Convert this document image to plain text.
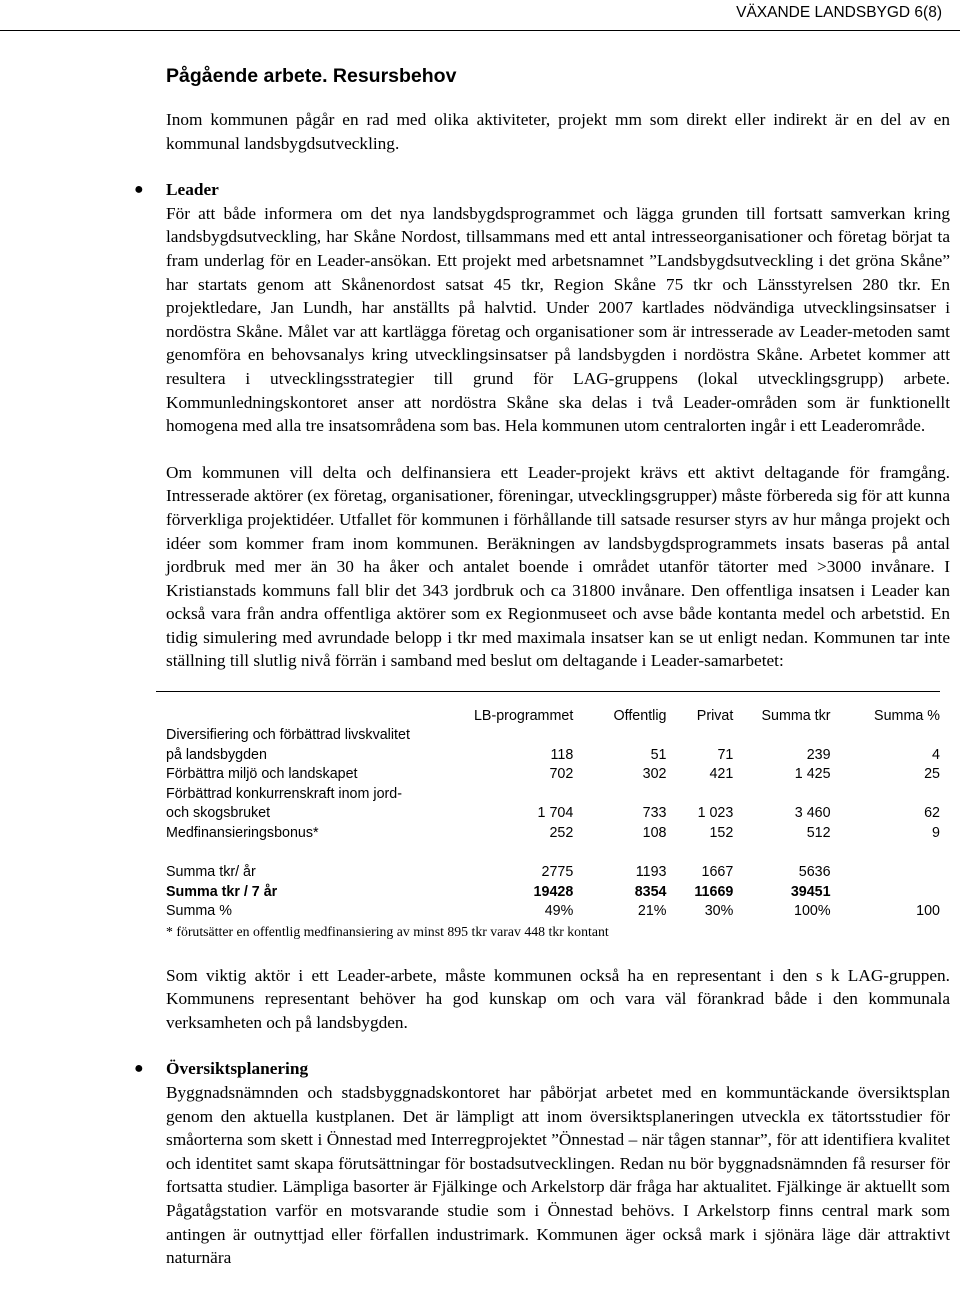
VÄXANDE LANDSBYGD 6(8)
Pågående arbete. Resursbehov

Inom kommunen pågår en rad med olika aktiviteter, projekt mm som direkt eller indirekt är en del av en kommunal landsbygdsutveckling.

● Leader

För att både informera om det nya landsbygdsprogrammet och lägga grunden till fortsatt samverkan kring landsbygdsutveckling, har Skåne Nordost, tillsammans med ett antal intresseorganisationer och företag börjat ta fram underlag för en Leader-ansökan. Ett projekt med arbetsnamnet ”Landsbygdsutveckling i det gröna Skåne” har startats genom att Skånenordost satsat 45 tkr, Region Skåne 75 tkr och Länsstyrelsen 280 tkr. En projektledare, Jan Lundh, har anställts på halvtid. Under 2007 kartlades nödvändiga utvecklingsinsatser i nordöstra Skåne. Målet var att kartlägga företag och organisationer som är intresserade av Leader-metoden samt genomföra en behovsanalys kring utvecklingsinsatser på landsbygden i nordöstra Skåne. Arbetet kommer att resultera i utvecklingsstrategier till grund för LAG-gruppens (lokal utvecklingsgrupp) arbete. Kommunledningskontoret anser att nordöstra Skåne ska delas i två Leader-områden som är funktionellt homogena med alla tre insatsområdena som bas. Hela kommunen utom centralorten ingår i ett Leaderområde.

Om kommunen vill delta och delfinansiera ett Leader-projekt krävs ett aktivt deltagande för framgång. Intresserade aktörer (ex företag, organisationer, föreningar, utvecklingsgrupper) måste förbereda sig för att kunna förverkliga projektidéer. Utfallet för kommunen i förhållande till satsade resurser styrs av hur många projekt och idéer som kommer fram inom kommunen. Beräkningen av landsbygdsprogrammets insats baseras på antal jordbruk med mer än 30 ha åker och antalet boende i området utanför tätorter med >3000 invånare. I Kristianstads kommuns fall blir det 343 jordbruk och ca 31800 invånare. Den offentliga insatsen i Leader kan också vara från andra offentliga aktörer som ex Regionmuseet och avse både kontanta medel och arbetstid. En tidig simulering med avrundade belopp i tkr med maximala insatser kan se ut enligt nedan. Kommunen tar inte ställning till slutlig nivå förrän i samband med beslut om deltagande i Leader-samarbetet:

	LB-programmet	Offentlig	Privat	Summa tkr	Summa %
Diversifiering och förbättrad livskvalitet					
på landsbygden	118	51	71	239	4
Förbättra miljö och landskapet	702	302	421	1 425	25
Förbättrad konkurrenskraft inom jord-					
och skogsbruket	1 704	733	1 023	3 460	62
Medfinansieringsbonus*	252	108	152	512	9

Summa tkr/ år	2775	1193	1667	5636	
Summa tkr / 7 år	19428	8354	11669	39451	
Summa %	49%	21%	30%	100%	100
* förutsätter en offentlig medfinansiering av minst 895 tkr varav 448 tkr kontant

Som viktig aktör i ett Leader-arbete, måste kommunen också ha en representant i den s k LAG-gruppen. Kommunens representant behöver ha god kunskap om och vara väl förankrad både i den kommunala verksamheten och på landsbygden.

● Översiktsplanering

Byggnadsnämnden och stadsbyggnadskontoret har påbörjat arbetet med en kommuntäckande översiktsplan genom den aktuella kustplanen. Det är lämpligt att inom översiktsplaneringen utveckla ex tätortsstudier för småorterna som skett i Önnestad med Interregprojektet ”Önnestad – när tågen stannar”, för att identifiera kvalitet och identitet samt skapa förutsättningar för bostadsutvecklingen. Redan nu bör byggnadsnämnden få resurser för fortsatta studier. Lämpliga basorter är Fjälkinge och Arkelstorp där fråga har aktualitet. Fjälkinge är aktuellt som Pågatågstation varför en motsvarande studie som i Önnestad behövs. I Arkelstorp finns central mark som antingen är outnyttjad eller förfallen industrimark. Kommunen äger också mark i sjönära läge där attraktivt naturnära
